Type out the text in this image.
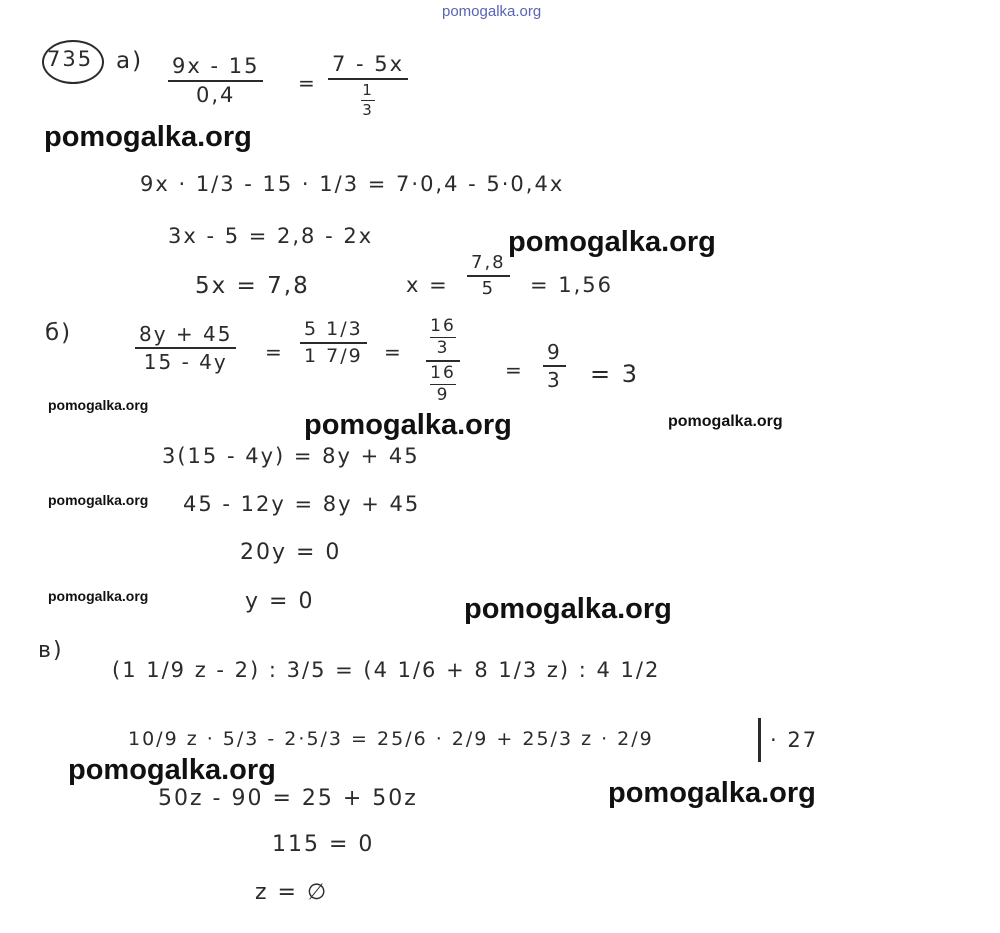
pomogalka.org
735 a) 9x - 15
0,4	=
7 - 5x
1
3
9x · 1/3 - 15 · 1/3 = 7·0,4 - 5·0,4x
3x - 5 = 2,8 - 2x
5x = 7,8	x =
7,8
5 = 1,56
б)	8y + 45
15 - 4y =
5 1/3
1 7/9 =
16
3
16
9
=
9
3 = 3
3(15 - 4y) = 8y + 45
45 - 12y = 8y + 45
20y = 0
y = 0
в)
(1 1/9 z - 2) : 3/5 = (4 1/6 + 8 1/3 z) : 4 1/2
10/9 z · 5/3 - 2·5/3 = 25/6 · 2/9 + 25/3 z · 2/9	· 27
50z - 90 = 25 + 50z
115 = 0
z = ∅
pomogalka.org
pomogalka.org
pomogalka.org
pomogalka.org	pomogalka.org
pomogalka.org
pomogalka.org	pomogalka.org
pomogalka.org
pomogalka.org
